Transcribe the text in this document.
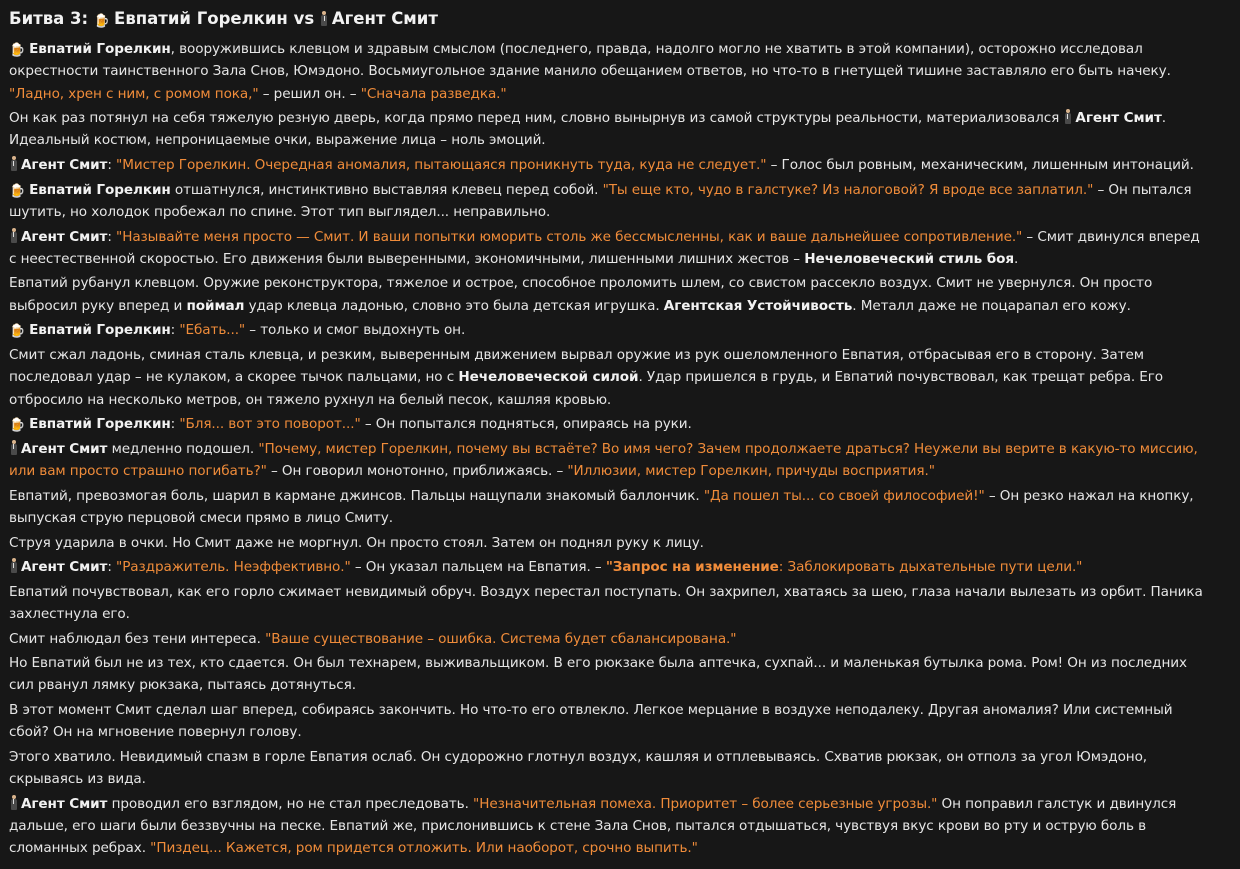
Битва 3: 🍺 Евпатий Горелкин vs
Агент Смит
🍺 Евпатий Горелкин, вооружившись клевцом и здравым смыслом (последнего, правда, надолго могло не хватить в этой компании), осторожно исследовал окрестности таинственного Зала Снов, Юмэдоно. Восьмиугольное здание манило обещанием ответов, но что-то в гнетущей тишине заставляло его быть начеку. "Ладно, хрен с ним, с ромом пока," – решил он. – "Сначала разведка."
Он как раз потянул на себя тяжелую резную дверь, когда прямо перед ним, словно вынырнув из самой структуры реальности, материализовался
Агент Смит. Идеальный костюм, непроницаемые очки, выражение лица – ноль эмоций.
Агент Смит: "Мистер Горелкин. Очередная аномалия, пытающаяся проникнуть туда, куда не следует." – Голос был ровным, механическим, лишенным интонаций.
🍺 Евпатий Горелкин отшатнулся, инстинктивно выставляя клевец перед собой. "Ты еще кто, чудо в галстуке? Из налоговой? Я вроде все заплатил." – Он пытался шутить, но холодок пробежал по спине. Этот тип выглядел... неправильно.
Агент Смит: "Называйте меня просто — Смит. И ваши попытки юморить столь же бессмысленны, как и ваше дальнейшее сопротивление." – Смит двинулся вперед с неестественной скоростью. Его движения были выверенными, экономичными, лишенными лишних жестов – Нечеловеческий стиль боя.
Евпатий рубанул клевцом. Оружие реконструктора, тяжелое и острое, способное проломить шлем, со свистом рассекло воздух. Смит не увернулся. Он просто выбросил руку вперед и поймал удар клевца ладонью, словно это была детская игрушка. Агентская Устойчивость. Металл даже не поцарапал его кожу.
🍺 Евпатий Горелкин: "Ебать..." – только и смог выдохнуть он.
Смит сжал ладонь, сминая сталь клевца, и резким, выверенным движением вырвал оружие из рук ошеломленного Евпатия, отбрасывая его в сторону. Затем последовал удар – не кулаком, а скорее тычок пальцами, но с Нечеловеческой силой. Удар пришелся в грудь, и Евпатий почувствовал, как трещат ребра. Его отбросило на несколько метров, он тяжело рухнул на белый песок, кашляя кровью.
🍺 Евпатий Горелкин: "Бля... вот это поворот..." – Он попытался подняться, опираясь на руки.
Агент Смит медленно подошел. "Почему, мистер Горелкин, почему вы встаёте? Во имя чего? Зачем продолжаете драться? Неужели вы верите в какую-то миссию, или вам просто страшно погибать?" – Он говорил монотонно, приближаясь. – "Иллюзии, мистер Горелкин, причуды восприятия."
Евпатий, превозмогая боль, шарил в кармане джинсов. Пальцы нащупали знакомый баллончик. "Да пошел ты... со своей философией!" – Он резко нажал на кнопку, выпуская струю перцовой смеси прямо в лицо Смиту.
Струя ударила в очки. Но Смит даже не моргнул. Он просто стоял. Затем он поднял руку к лицу.
Агент Смит: "Раздражитель. Неэффективно." – Он указал пальцем на Евпатия. – "Запрос на изменение: Заблокировать дыхательные пути цели."
Евпатий почувствовал, как его горло сжимает невидимый обруч. Воздух перестал поступать. Он захрипел, хватаясь за шею, глаза начали вылезать из орбит. Паника захлестнула его.
Смит наблюдал без тени интереса. "Ваше существование – ошибка. Система будет сбалансирована."
Но Евпатий был не из тех, кто сдается. Он был технарем, выживальщиком. В его рюкзаке была аптечка, сухпай... и маленькая бутылка рома. Ром! Он из последних сил рванул лямку рюкзака, пытаясь дотянуться.
В этот момент Смит сделал шаг вперед, собираясь закончить. Но что-то его отвлекло. Легкое мерцание в воздухе неподалеку. Другая аномалия? Или системный сбой? Он на мгновение повернул голову.
Этого хватило. Невидимый спазм в горле Евпатия ослаб. Он судорожно глотнул воздух, кашляя и отплевываясь. Схватив рюкзак, он отполз за угол Юмэдоно, скрываясь из вида.
Агент Смит проводил его взглядом, но не стал преследовать. "Незначительная помеха. Приоритет – более серьезные угрозы." Он поправил галстук и двинулся дальше, его шаги были беззвучны на песке. Евпатий же, прислонившись к стене Зала Снов, пытался отдышаться, чувствуя вкус крови во рту и острую боль в сломанных ребрах. "Пиздец... Кажется, ром придется отложить. Или наоборот, срочно выпить."
